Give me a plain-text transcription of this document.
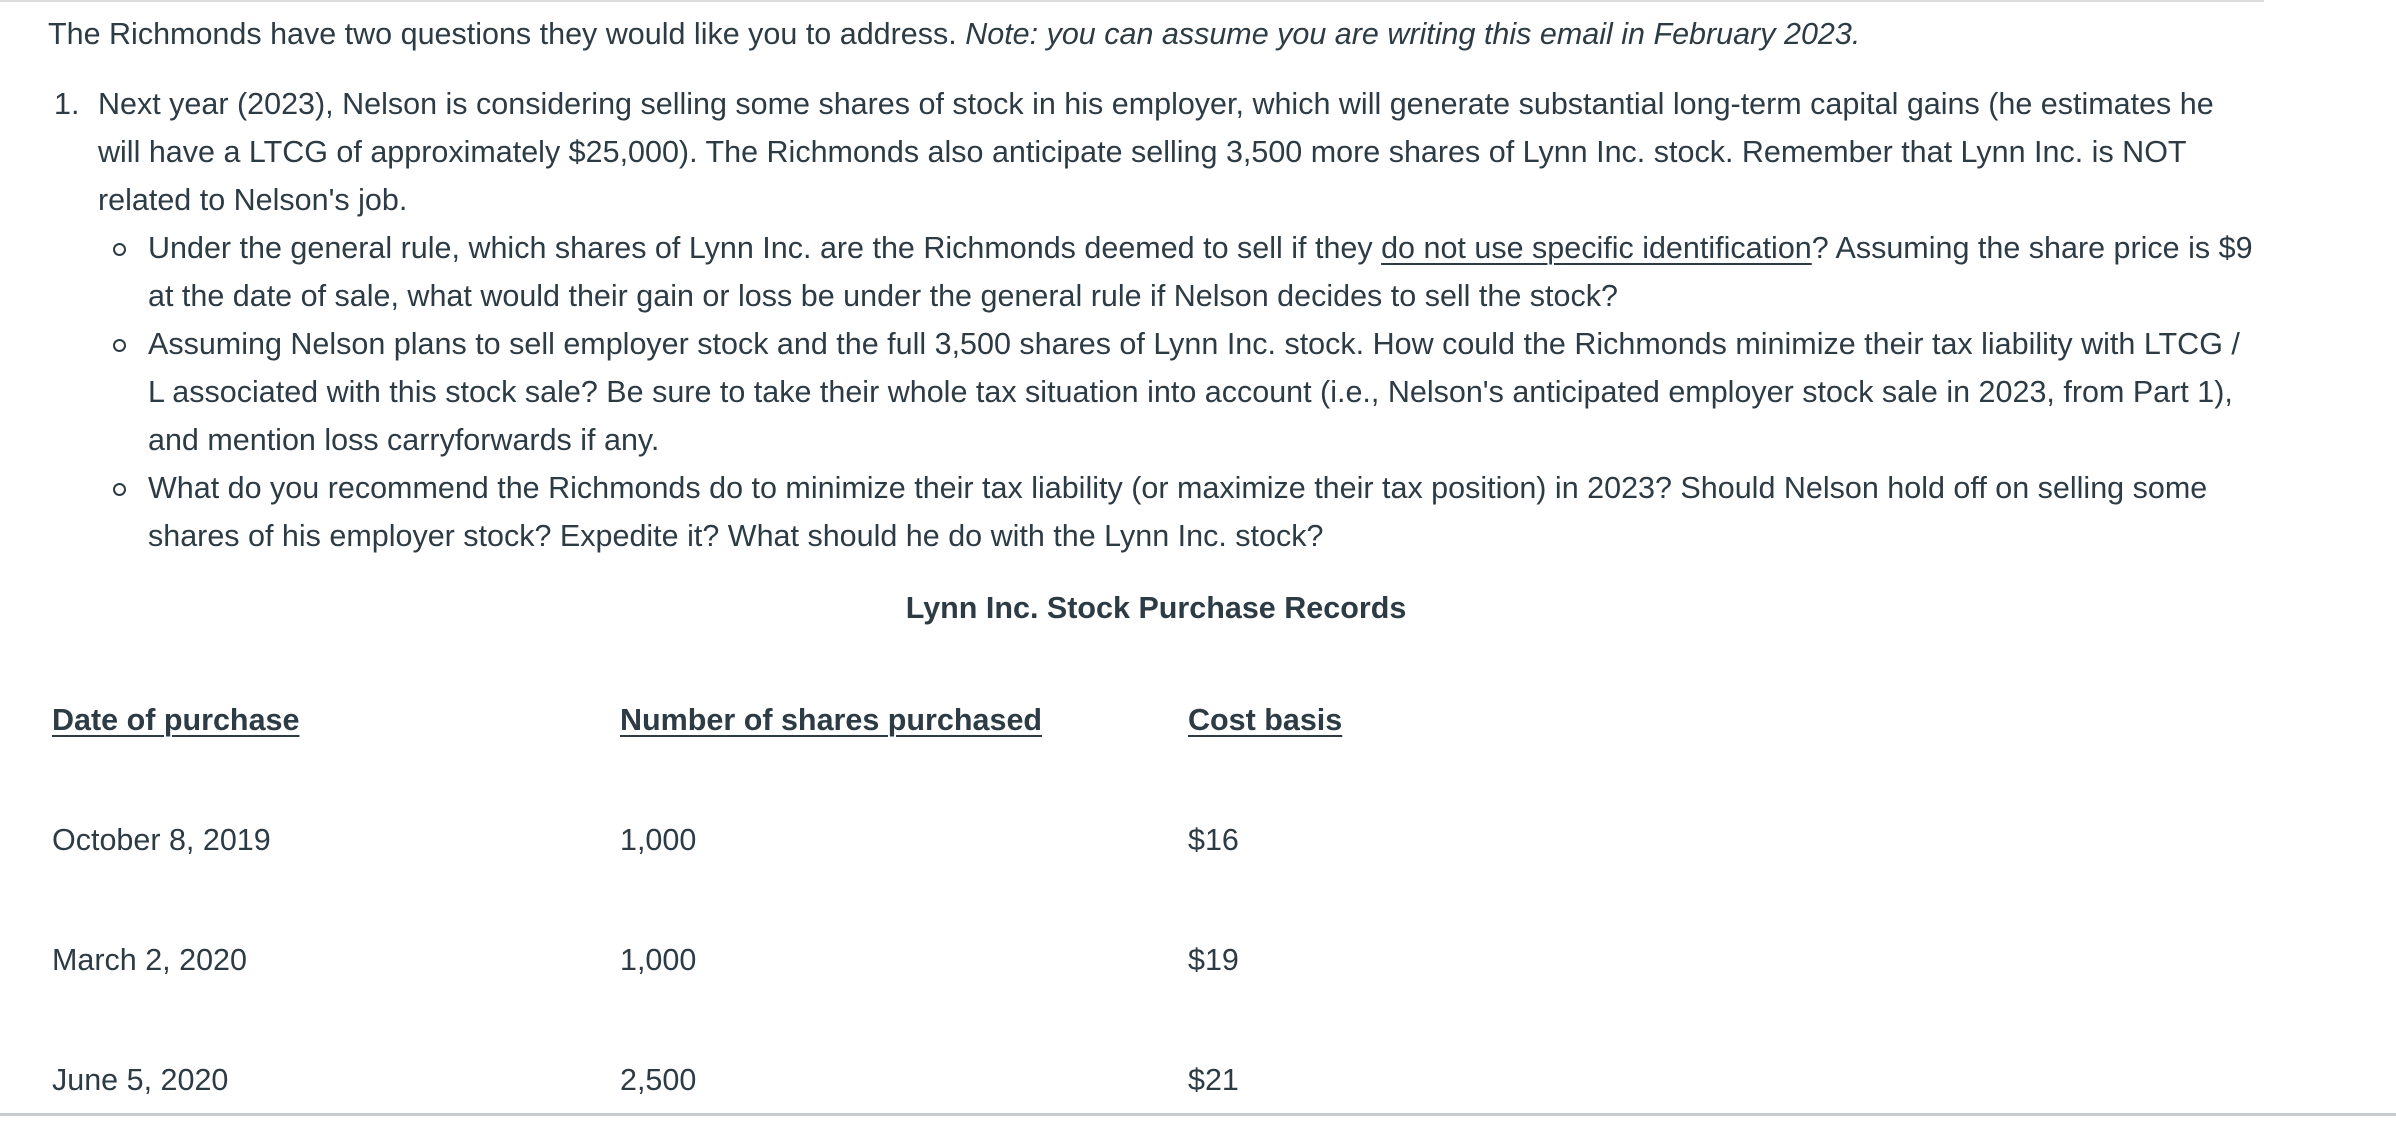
The Richmonds have two questions they would like you to address. Note: you can assume you are writing this email in February 2023.

1. Next year (2023), Nelson is considering selling some shares of stock in his employer, which will generate substantial long-term capital gains (he estimates he will have a LTCG of approximately $25,000). The Richmonds also anticipate selling 3,500 more shares of Lynn Inc. stock. Remember that Lynn Inc. is NOT related to Nelson's job.
Under the general rule, which shares of Lynn Inc. are the Richmonds deemed to sell if they do not use specific identification? Assuming the share price is $9 at the date of sale, what would their gain or loss be under the general rule if Nelson decides to sell the stock?
Assuming Nelson plans to sell employer stock and the full 3,500 shares of Lynn Inc. stock. How could the Richmonds minimize their tax liability with LTCG / L associated with this stock sale? Be sure to take their whole tax situation into account (i.e., Nelson's anticipated employer stock sale in 2023, from Part 1), and mention loss carryforwards if any.
What do you recommend the Richmonds do to minimize their tax liability (or maximize their tax position) in 2023? Should Nelson hold off on selling some shares of his employer stock? Expedite it? What should he do with the Lynn Inc. stock?
Lynn Inc. Stock Purchase Records
Date of purchase	Number of shares purchased	Cost basis
October 8, 2019	1,000	$16
March 2, 2020	1,000	$19
June 5, 2020	2,500	$21
